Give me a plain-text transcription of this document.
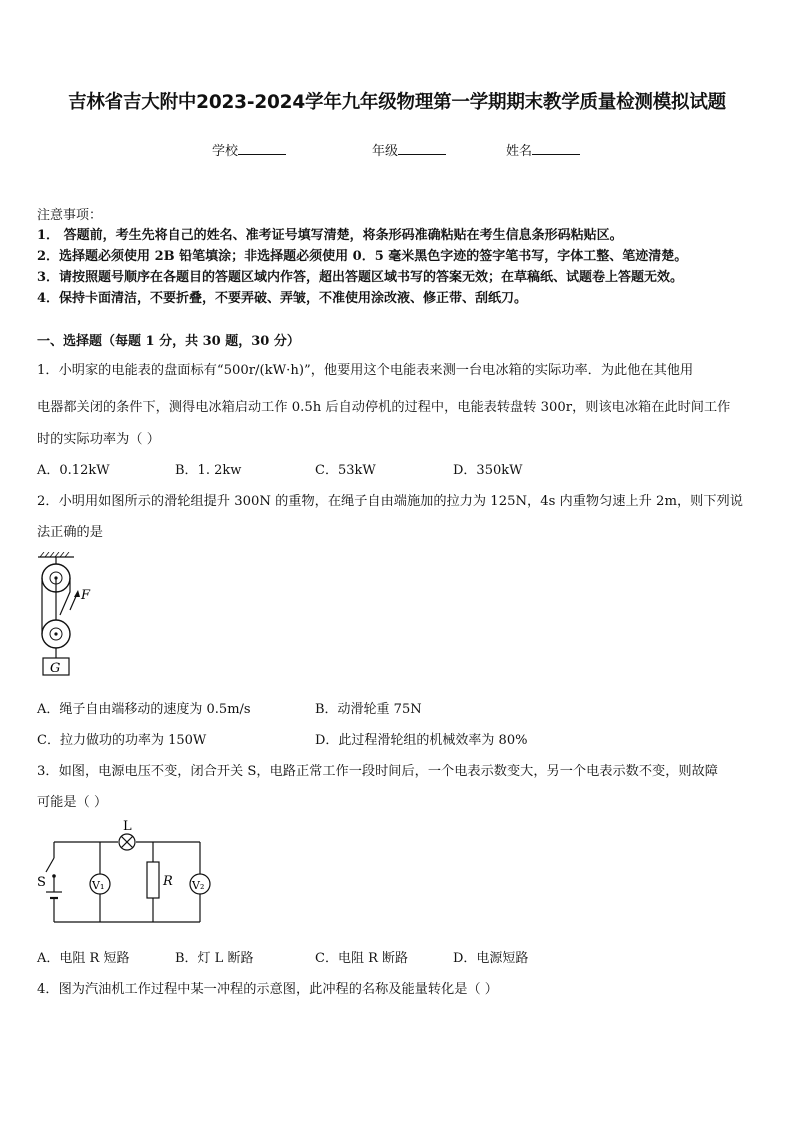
吉林省吉大附中2023-2024学年九年级物理第一学期期末教学质量检测模拟试题
学校	年级	姓名
注意事项：
1． 答题前，考生先将自己的姓名、准考证号填写清楚，将条形码准确粘贴在考生信息条形码粘贴区。
2．选择题必须使用 2B 铅笔填涂；非选择题必须使用 0．5 毫米黑色字迹的签字笔书写，字体工整、笔迹清楚。
3．请按照题号顺序在各题目的答题区域内作答，超出答题区域书写的答案无效；在草稿纸、试题卷上答题无效。
4．保持卡面清洁，不要折叠，不要弄破、弄皱，不准使用涂改液、修正带、刮纸刀。
一、选择题（每题 1 分，共 30 题，30 分）
1．小明家的电能表的盘面标有“500r/(kW·h)”，他要用这个电能表来测一台电冰箱的实际功率．为此他在其他用
电器都关闭的条件下，测得电冰箱启动工作 0.5h 后自动停机的过程中，电能表转盘转 300r，则该电冰箱在此时间工作
时的实际功率为（ ）
A．0.12kW	B．1. 2kw	C．53kW	D．350kW
2．小明用如图所示的滑轮组提升 300N 的重物，在绳子自由端施加的拉力为 125N，4s 内重物匀速上升 2m，则下列说
法正确的是
F
G
A．绳子自由端移动的速度为 0.5m/s	B．动滑轮重 75N
C．拉力做功的功率为 150W	D．此过程滑轮组的机械效率为 80%
3．如图，电源电压不变，闭合开关 S，电路正常工作一段时间后，一个电表示数变大，另一个电表示数不变，则故障
可能是（ ）
L
S	R
V₁	V₂
A．电阻 R 短路	B．灯 L 断路	C．电阻 R 断路	D．电源短路
4．图为汽油机工作过程中某一冲程的示意图，此冲程的名称及能量转化是（ ）
